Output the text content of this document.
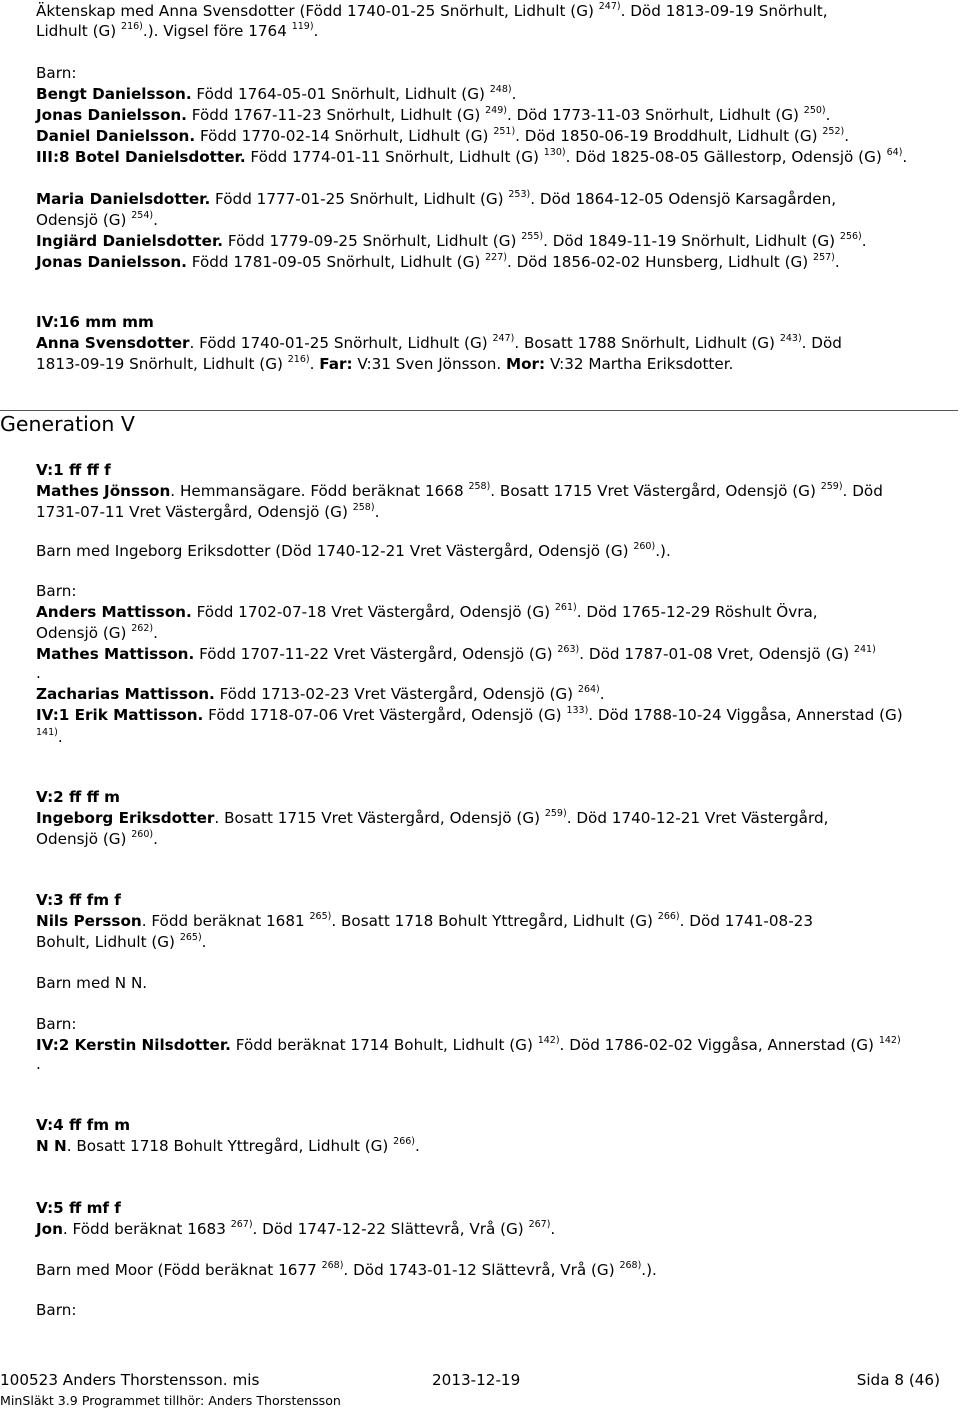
Äktenskap med Anna Svensdotter (Född 1740-01-25 Snörhult, Lidhult (G) $^{247)}$. Död 1813-09-19 Snörhult,
Lidhult (G) $^{216)}$.). Vigsel före 1764 $^{119)}$.
Barn:
Bengt Danielsson. Född 1764-05-01 Snörhult, Lidhult (G) $^{248)}$.
Jonas Danielsson. Född 1767-11-23 Snörhult, Lidhult (G) $^{249)}$. Död 1773-11-03 Snörhult, Lidhult (G) $^{250)}$.
Daniel Danielsson. Född 1770-02-14 Snörhult, Lidhult (G) $^{251)}$. Död 1850-06-19 Broddhult, Lidhult (G) $^{252)}$.
III:8 Botel Danielsdotter. Född 1774-01-11 Snörhult, Lidhult (G) $^{130)}$. Död 1825-08-05 Gällestorp, Odensjö (G) $^{64)}$.
Maria Danielsdotter. Född 1777-01-25 Snörhult, Lidhult (G) $^{253)}$. Död 1864-12-05 Odensjö Karsagården,
Odensjö (G) $^{254)}$.
Ingiärd Danielsdotter. Född 1779-09-25 Snörhult, Lidhult (G) $^{255)}$. Död 1849-11-19 Snörhult, Lidhult (G) $^{256)}$.
Jonas Danielsson. Född 1781-09-05 Snörhult, Lidhult (G) $^{227)}$. Död 1856-02-02 Hunsberg, Lidhult (G) $^{257)}$.
IV:16 mm mm
Anna Svensdotter. Född 1740-01-25 Snörhult, Lidhult (G) $^{247)}$. Bosatt 1788 Snörhult, Lidhult (G) $^{243)}$. Död
1813-09-19 Snörhult, Lidhult (G) $^{216)}$. Far: V:31 Sven Jönsson. Mor: V:32 Martha Eriksdotter.
V:1 ff ff f
Mathes Jönsson. Hemmansägare. Född beräknat 1668 $^{258)}$. Bosatt 1715 Vret Västergård, Odensjö (G) $^{259)}$. Död
1731-07-11 Vret Västergård, Odensjö (G) $^{258)}$.
Barn med Ingeborg Eriksdotter (Död 1740-12-21 Vret Västergård, Odensjö (G) $^{260)}$.).
Barn:
Anders Mattisson. Född 1702-07-18 Vret Västergård, Odensjö (G) $^{261)}$. Död 1765-12-29 Röshult Övra,
Odensjö (G) $^{262)}$.
Mathes Mattisson. Född 1707-11-22 Vret Västergård, Odensjö (G) $^{263)}$. Död 1787-01-08 Vret, Odensjö (G) $^{241)}$
.
Zacharias Mattisson. Född 1713-02-23 Vret Västergård, Odensjö (G) $^{264)}$.
IV:1 Erik Mattisson. Född 1718-07-06 Vret Västergård, Odensjö (G) $^{133)}$. Död 1788-10-24 Viggåsa, Annerstad (G)
$^{141)}$.
V:2 ff ff m
Ingeborg Eriksdotter. Bosatt 1715 Vret Västergård, Odensjö (G) $^{259)}$. Död 1740-12-21 Vret Västergård,
Odensjö (G) $^{260)}$.
V:3 ff fm f
Nils Persson. Född beräknat 1681 $^{265)}$. Bosatt 1718 Bohult Yttregård, Lidhult (G) $^{266)}$. Död 1741-08-23
Bohult, Lidhult (G) $^{265)}$.
Barn med N N.
Barn:
IV:2 Kerstin Nilsdotter. Född beräknat 1714 Bohult, Lidhult (G) $^{142)}$. Död 1786-02-02 Viggåsa, Annerstad (G) $^{142)}$
.
V:4 ff fm m
N N. Bosatt 1718 Bohult Yttregård, Lidhult (G) $^{266)}$.
V:5 ff mf f
Jon. Född beräknat 1683 $^{267)}$. Död 1747-12-22 Slättevrå, Vrå (G) $^{267)}$.
Barn med Moor (Född beräknat 1677 $^{268)}$. Död 1743-01-12 Slättevrå, Vrå (G) $^{268)}$.).
Barn:
Generation V
100523 Anders Thorstensson. mis	2013-12-19	Sida 8 (46)
MinSläkt 3.9 Programmet tillhör: Anders Thorstensson
